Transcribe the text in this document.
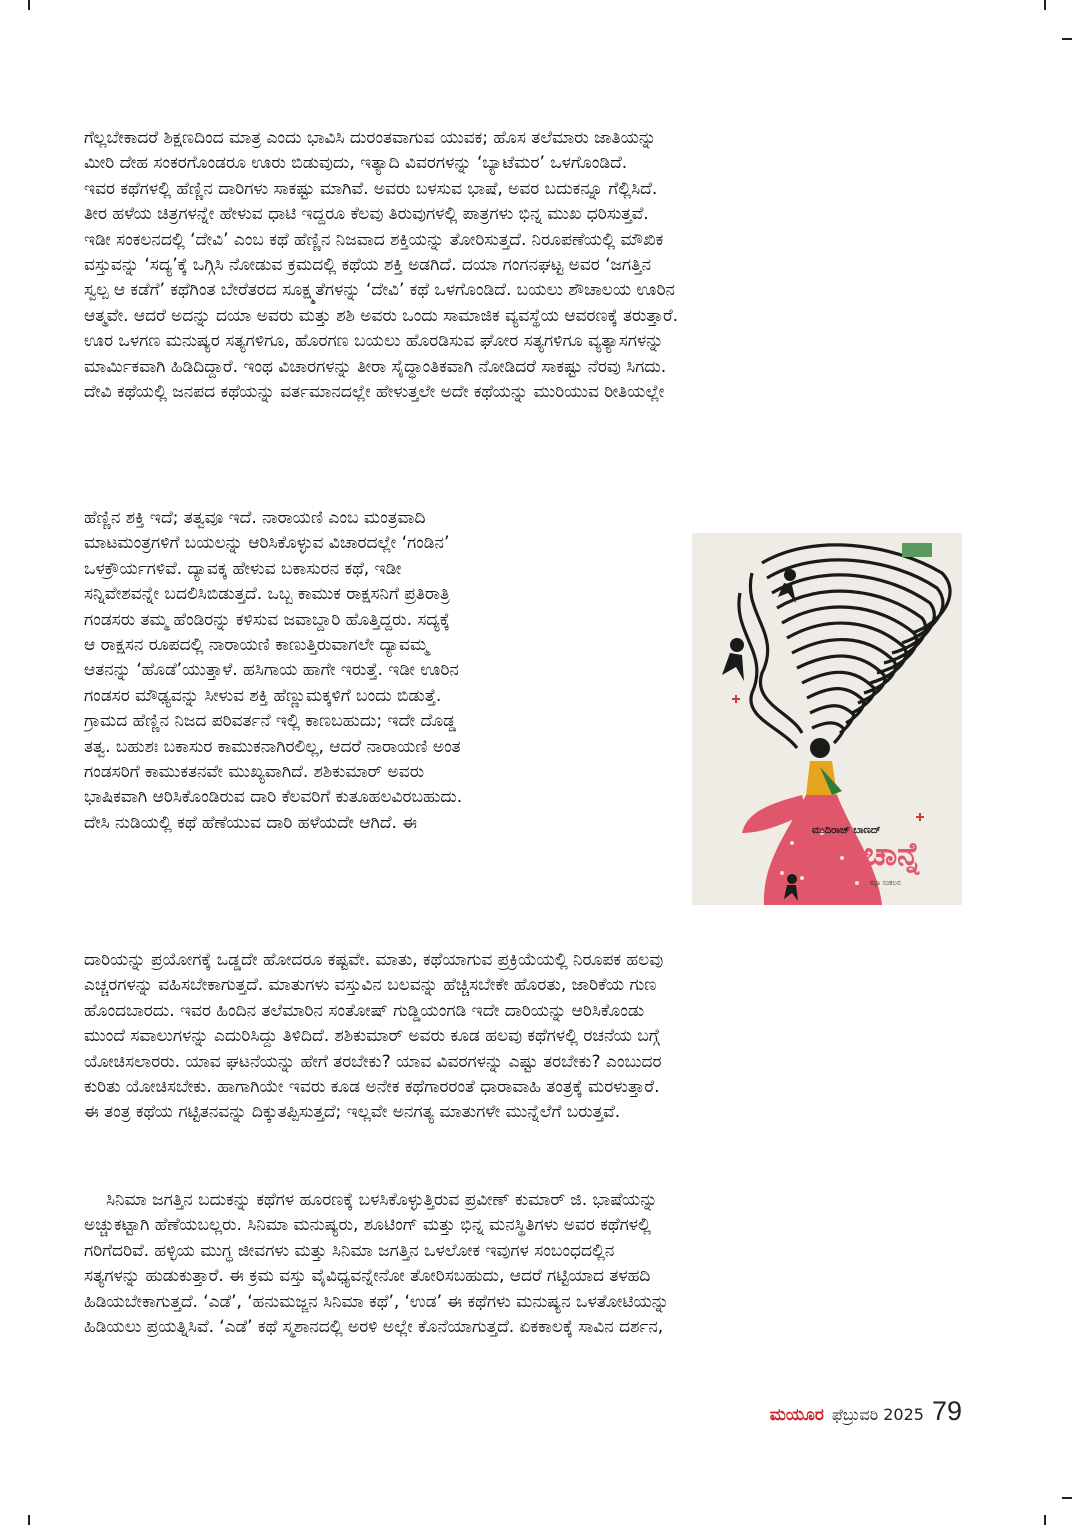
ಗೆಲ್ಲಬೇಕಾದರೆ ಶಿಕ್ಷಣದಿಂದ ಮಾತ್ರ ಎಂದು ಭಾವಿಸಿ ದುರಂತವಾಗುವ ಯುವಕ; ಹೊಸ ತಲೆಮಾರು ಜಾತಿಯನ್ನು
ಮೀರಿ ದೇಹ ಸಂಕರಗೊಂಡರೂ ಊರು ಬಿಡುವುದು, ಇತ್ಯಾದಿ ವಿವರಗಳನ್ನು ‘ಬ್ಯಾಟೆಮರ’ ಒಳಗೊಂಡಿದೆ.
ಇವರ ಕಥೆಗಳಲ್ಲಿ ಹೆಣ್ಣಿನ ದಾರಿಗಳು ಸಾಕಷ್ಟು ಮಾಗಿವೆ. ಅವರು ಬಳಸುವ ಭಾಷೆ, ಅವರ ಬದುಕನ್ನೂ ಗೆಲ್ಲಿಸಿದೆ.
ತೀರ ಹಳೆಯ ಚಿತ್ರಗಳನ್ನೇ ಹೇಳುವ ಧಾಟಿ ಇದ್ದರೂ ಕೆಲವು ತಿರುವುಗಳಲ್ಲಿ ಪಾತ್ರಗಳು ಭಿನ್ನ ಮುಖ ಧರಿಸುತ್ತವೆ.
ಇಡೀ ಸಂಕಲನದಲ್ಲಿ ‘ದೇವಿ’ ಎಂಬ ಕಥೆ ಹೆಣ್ಣಿನ ನಿಜವಾದ ಶಕ್ತಿಯನ್ನು ತೋರಿಸುತ್ತದೆ. ನಿರೂಪಣೆಯಲ್ಲಿ ಮೌಖಿಕ
ವಸ್ತುವನ್ನು ‘ಸದ್ಯ’ಕ್ಕೆ ಒಗ್ಗಿಸಿ ನೋಡುವ ಕ್ರಮದಲ್ಲಿ ಕಥೆಯ ಶಕ್ತಿ ಅಡಗಿದೆ. ದಯಾ ಗಂಗನಘಟ್ಟ ಅವರ ‘ಜಗತ್ತಿನ
ಸ್ವಲ್ಪ ಆ ಕಡೆಗೆ’ ಕಥೆಗಿಂತ ಬೇರೆತರದ ಸೂಕ್ಷ್ಮತೆಗಳನ್ನು ‘ದೇವಿ’ ಕಥೆ ಒಳಗೊಂಡಿದೆ. ಬಯಲು ಶೌಚಾಲಯ ಊರಿನ
ಆತ್ಮವೇ. ಆದರೆ ಅದನ್ನು ದಯಾ ಅವರು ಮತ್ತು ಶಶಿ ಅವರು ಒಂದು ಸಾಮಾಜಿಕ ವ್ಯವಸ್ಥೆಯ ಆವರಣಕ್ಕೆ ತರುತ್ತಾರೆ.
ಊರ ಒಳಗಣ ಮನುಷ್ಯರ ಸತ್ಯಗಳಿಗೂ, ಹೊರಗಣ ಬಯಲು ಹೊರಡಿಸುವ ಘೋರ ಸತ್ಯಗಳಿಗೂ ವ್ಯತ್ಯಾಸಗಳನ್ನು
ಮಾರ್ಮಿಕವಾಗಿ ಹಿಡಿದಿದ್ದಾರೆ. ಇಂಥ ವಿಚಾರಗಳನ್ನು ತೀರಾ ಸೈದ್ಧಾಂತಿಕವಾಗಿ ನೋಡಿದರೆ ಸಾಕಷ್ಟು ನೆರವು ಸಿಗದು.
ದೇವಿ ಕಥೆಯಲ್ಲಿ ಜನಪದ ಕಥೆಯನ್ನು ವರ್ತಮಾನದಲ್ಲೇ ಹೇಳುತ್ತಲೇ ಅದೇ ಕಥೆಯನ್ನು ಮುರಿಯುವ ರೀತಿಯಲ್ಲೇ
ಹೆಣ್ಣಿನ ಶಕ್ತಿ ಇದೆ; ತತ್ವವೂ ಇದೆ. ನಾರಾಯಣಿ ಎಂಬ ಮಂತ್ರವಾದಿ
ಮಾಟಮಂತ್ರಗಳಿಗೆ ಬಯಲನ್ನು ಆರಿಸಿಕೊಳ್ಳುವ ವಿಚಾರದಲ್ಲೇ ‘ಗಂಡಿನ’
ಒಳಕ್ರೌರ್ಯಗಳಿವೆ. ದ್ಯಾವಕ್ಕ ಹೇಳುವ ಬಕಾಸುರನ ಕಥೆ, ಇಡೀ
ಸನ್ನಿವೇಶವನ್ನೇ ಬದಲಿಸಿಬಿಡುತ್ತದೆ. ಒಬ್ಬ ಕಾಮುಕ ರಾಕ್ಷಸನಿಗೆ ಪ್ರತಿರಾತ್ರಿ
ಗಂಡಸರು ತಮ್ಮ ಹೆಂಡಿರನ್ನು ಕಳಿಸುವ ಜವಾಬ್ದಾರಿ ಹೊತ್ತಿದ್ದರು. ಸದ್ಯಕ್ಕೆ
ಆ ರಾಕ್ಷಸನ ರೂಪದಲ್ಲಿ ನಾರಾಯಣಿ ಕಾಣುತ್ತಿರುವಾಗಲೇ ದ್ಯಾವಮ್ಮ
ಆತನನ್ನು ‘ಹೊಡೆ’ಯುತ್ತಾಳೆ. ಹಸಿಗಾಯ ಹಾಗೇ ಇರುತ್ತೆ. ಇಡೀ ಊರಿನ
ಗಂಡಸರ ಮೌಢ್ಯವನ್ನು ಸೀಳುವ ಶಕ್ತಿ ಹೆಣ್ಣುಮಕ್ಕಳಿಗೆ ಬಂದು ಬಿಡುತ್ತೆ.
ಗ್ರಾಮದ ಹೆಣ್ಣಿನ ನಿಜದ ಪರಿವರ್ತನೆ ಇಲ್ಲಿ ಕಾಣಬಹುದು; ಇದೇ ದೊಡ್ಡ
ತತ್ವ. ಬಹುಶಃ ಬಕಾಸುರ ಕಾಮುಕನಾಗಿರಲಿಲ್ಲ, ಆದರೆ ನಾರಾಯಣಿ ಅಂತ
ಗಂಡಸರಿಗೆ ಕಾಮುಕತನವೇ ಮುಖ್ಯವಾಗಿದೆ. ಶಶಿಕುಮಾರ್ ಅವರು
ಭಾಷಿಕವಾಗಿ ಆರಿಸಿಕೊಂಡಿರುವ ದಾರಿ ಕೆಲವರಿಗೆ ಕುತೂಹಲವಿರಬಹುದು.
ದೇಸಿ ನುಡಿಯಲ್ಲಿ ಕಥೆ ಹೆಣೆಯುವ ದಾರಿ ಹಳೆಯದೇ ಆಗಿದೆ. ಈ	ಮುದಿರಾಜ್ ಬಾಣದ್
ಚಾನ್ನೆ
ಕಥಾ ಸಂಕಲನ
ದಾರಿಯನ್ನು ಪ್ರಯೋಗಕ್ಕೆ ಒಡ್ಡದೇ ಹೋದರೂ ಕಷ್ಟವೇ. ಮಾತು, ಕಥೆಯಾಗುವ ಪ್ರಕ್ರಿಯೆಯಲ್ಲಿ ನಿರೂಪಕ ಹಲವು
ಎಚ್ಚರಗಳನ್ನು ವಹಿಸಬೇಕಾಗುತ್ತದೆ. ಮಾತುಗಳು ವಸ್ತುವಿನ ಬಲವನ್ನು ಹೆಚ್ಚಿಸಬೇಕೇ ಹೊರತು, ಜಾರಿಕೆಯ ಗುಣ
ಹೊಂದಬಾರದು. ಇವರ ಹಿಂದಿನ ತಲೆಮಾರಿನ ಸಂತೋಷ್ ಗುಡ್ಡಿಯಂಗಡಿ ಇದೇ ದಾರಿಯನ್ನು ಆರಿಸಿಕೊಂಡು
ಮುಂದೆ ಸವಾಲುಗಳನ್ನು ಎದುರಿಸಿದ್ದು ತಿಳಿದಿದೆ. ಶಶಿಕುಮಾರ್ ಅವರು ಕೂಡ ಹಲವು ಕಥೆಗಳಲ್ಲಿ ರಚನೆಯ ಬಗ್ಗೆ
ಯೋಚಿಸಲಾರರು. ಯಾವ ಘಟನೆಯನ್ನು ಹೇಗೆ ತರಬೇಕು? ಯಾವ ವಿವರಗಳನ್ನು ಎಷ್ಟು ತರಬೇಕು? ಎಂಬುದರ
ಕುರಿತು ಯೋಚಿಸಬೇಕು. ಹಾಗಾಗಿಯೇ ಇವರು ಕೂಡ ಅನೇಕ ಕಥೆಗಾರರಂತೆ ಧಾರಾವಾಹಿ ತಂತ್ರಕ್ಕೆ ಮರಳುತ್ತಾರೆ.
ಈ ತಂತ್ರ ಕಥೆಯ ಗಟ್ಟಿತನವನ್ನು ದಿಕ್ಕುತಪ್ಪಿಸುತ್ತದೆ; ಇಲ್ಲವೇ ಅನಗತ್ಯ ಮಾತುಗಳೇ ಮುನ್ನೆಲೆಗೆ ಬರುತ್ತವೆ.
ಸಿನಿಮಾ ಜಗತ್ತಿನ ಬದುಕನ್ನು ಕಥೆಗಳ ಹೂರಣಕ್ಕೆ ಬಳಸಿಕೊಳ್ಳುತ್ತಿರುವ ಪ್ರವೀಣ್ ಕುಮಾರ್ ಜಿ. ಭಾಷೆಯನ್ನು
ಅಚ್ಚುಕಟ್ಟಾಗಿ ಹೆಣೆಯಬಲ್ಲರು. ಸಿನಿಮಾ ಮನುಷ್ಯರು, ಶೂಟಿಂಗ್ ಮತ್ತು ಭಿನ್ನ ಮನಸ್ಥಿತಿಗಳು ಅವರ ಕಥೆಗಳಲ್ಲಿ
ಗರಿಗೆದರಿವೆ. ಹಳ್ಳಿಯ ಮುಗ್ಧ ಜೀವಗಳು ಮತ್ತು ಸಿನಿಮಾ ಜಗತ್ತಿನ ಒಳಲೋಕ ಇವುಗಳ ಸಂಬಂಧದಲ್ಲಿನ
ಸತ್ಯಗಳನ್ನು ಹುಡುಕುತ್ತಾರೆ. ಈ ಕ್ರಮ ವಸ್ತು ವೈವಿಧ್ಯವನ್ನೇನೋ ತೋರಿಸಬಹುದು, ಆದರೆ ಗಟ್ಟಿಯಾದ ತಳಹದಿ
ಹಿಡಿಯಬೇಕಾಗುತ್ತದೆ. ‘ಎಡೆ’, ‘ಹನುಮಜ್ಜನ ಸಿನಿಮಾ ಕಥೆ’, ‘ಉಡ’ ಈ ಕಥೆಗಳು ಮನುಷ್ಯನ ಒಳತೋಟಿಯನ್ನು
ಹಿಡಿಯಲು ಪ್ರಯತ್ನಿಸಿವೆ. ‘ಎಡೆ’ ಕಥೆ ಸ್ಮಶಾನದಲ್ಲಿ ಅರಳಿ ಅಲ್ಲೇ ಕೊನೆಯಾಗುತ್ತದೆ. ಏಕಕಾಲಕ್ಕೆ ಸಾವಿನ ದರ್ಶನ,
ಮಯೂರ ಫೆಬ್ರುವರಿ 2025 79
